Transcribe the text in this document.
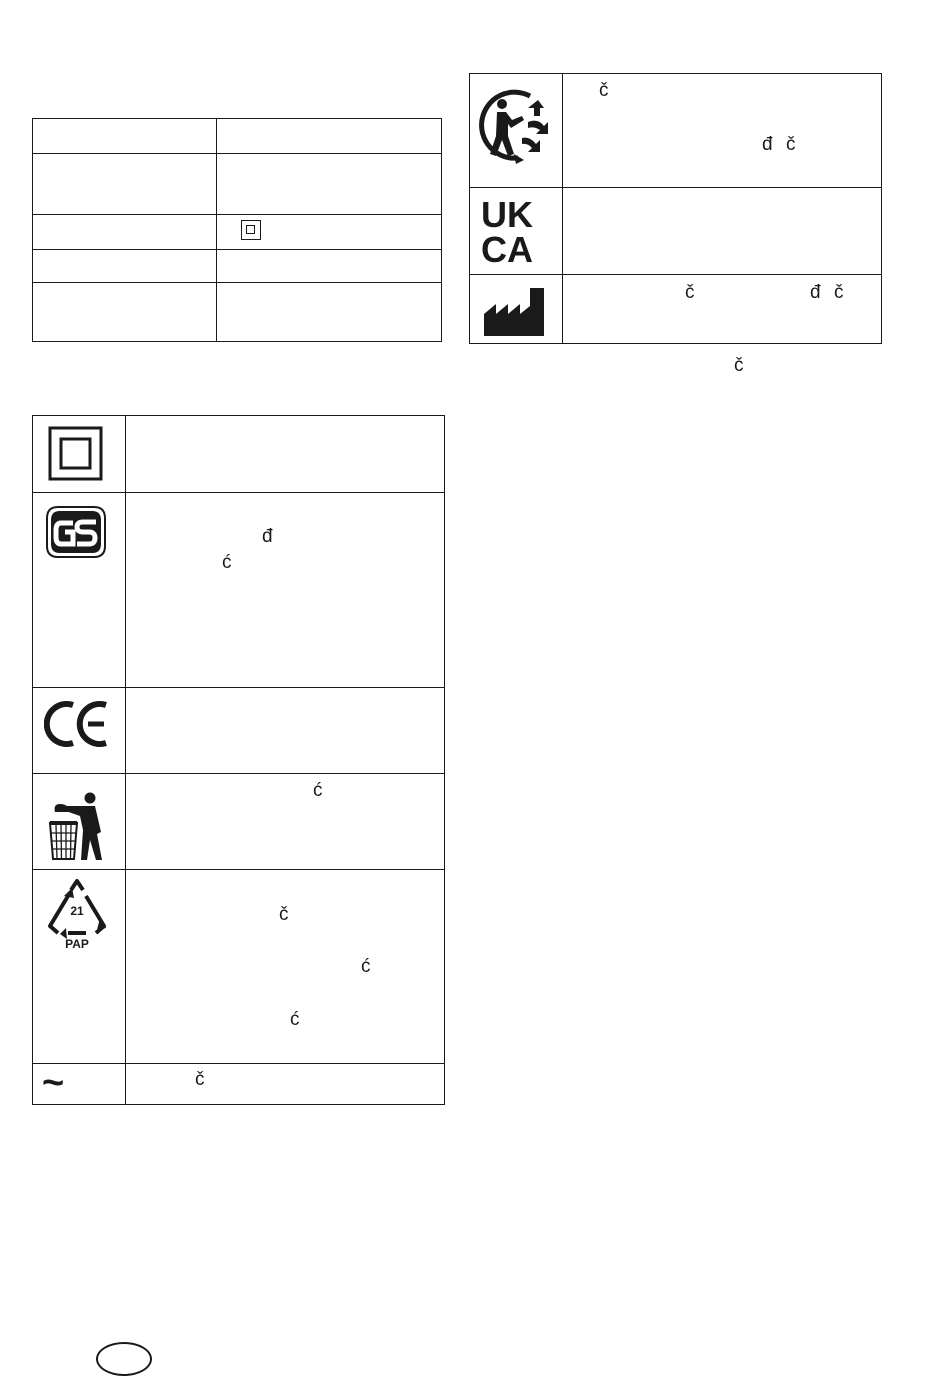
đ
ć
ć
21
PAP
č
ć
ć
~	č
č
đ č
UK
CA
č	đ č
č
